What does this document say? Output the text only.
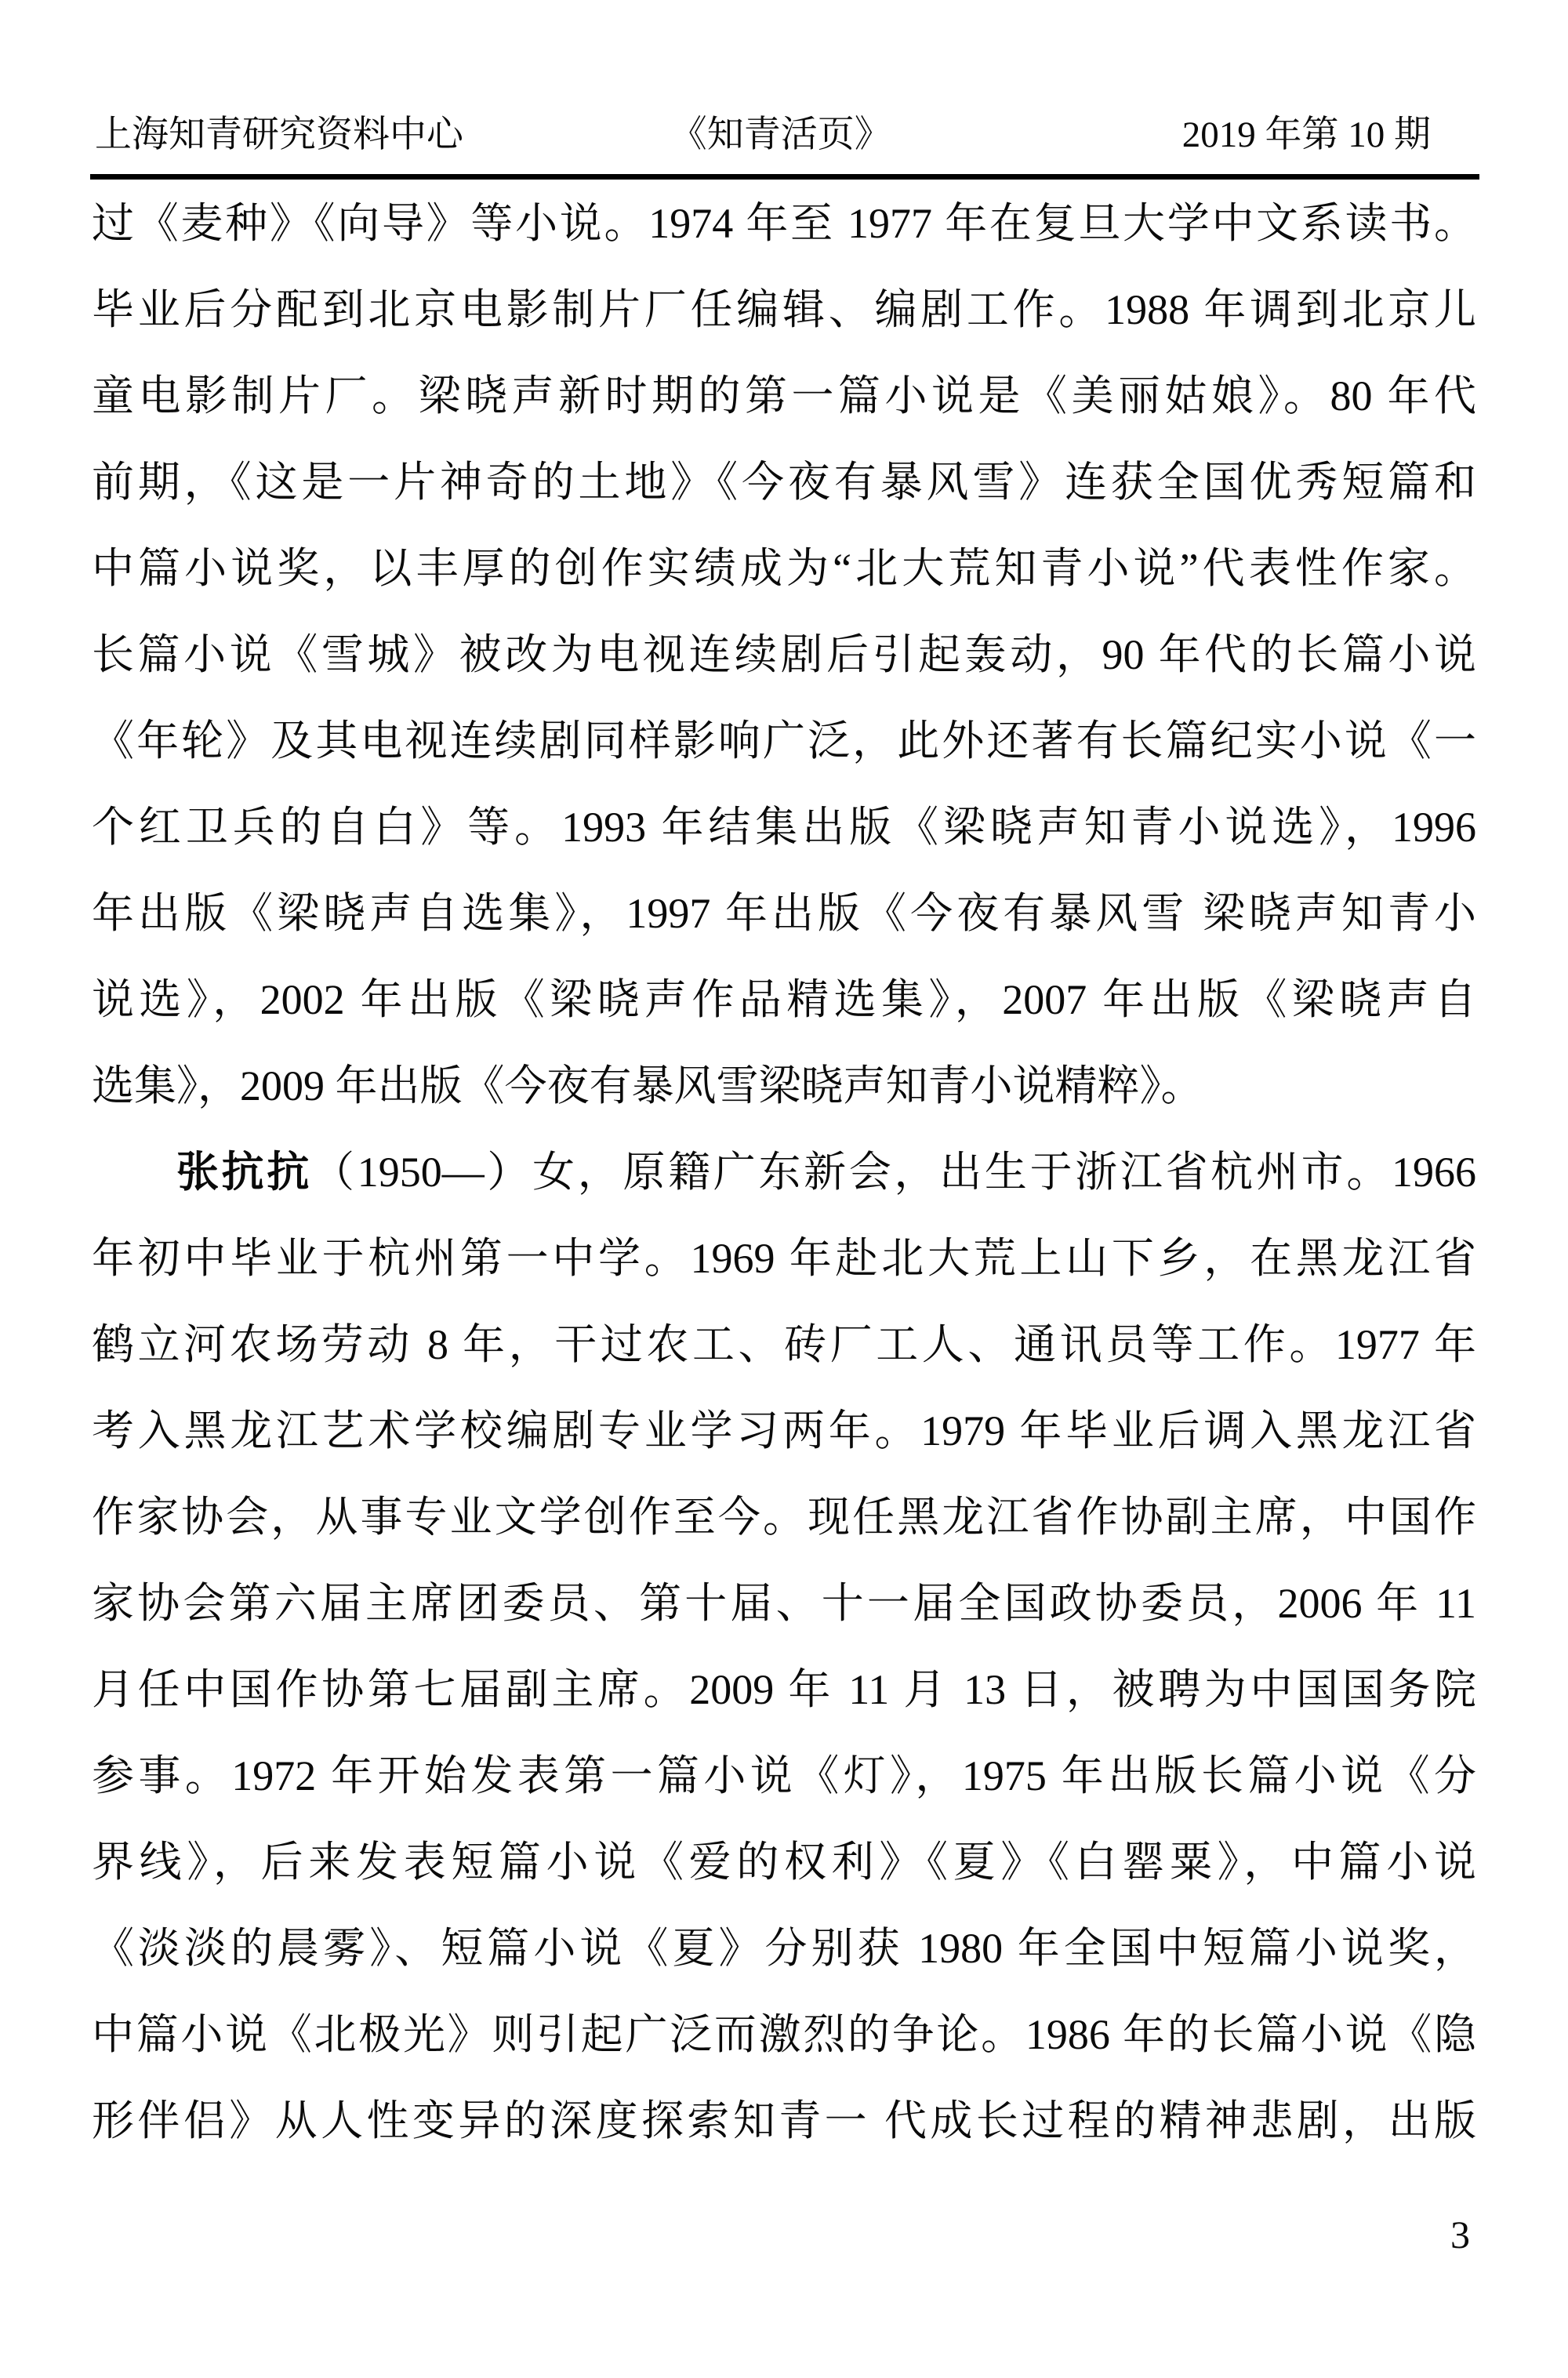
上海知青研究资料中心	《知青活页》	2019 年第 10 期
过《麦种》《向导》等小说。1974 年至 1977 年在复旦大学中文系读书。
毕业后分配到北京电影制片厂任编辑、编剧工作。1988 年调到北京儿
童电影制片厂。梁晓声新时期的第一篇小说是《美丽姑娘》。80 年代
前期，《这是一片神奇的土地》《今夜有暴风雪》连获全国优秀短篇和
中篇小说奖，以丰厚的创作实绩成为“北大荒知青小说”代表性作家。
长篇小说《雪城》被改为电视连续剧后引起轰动，90 年代的长篇小说
《年轮》及其电视连续剧同样影响广泛，此外还著有长篇纪实小说《一
个红卫兵的自白》等。1993 年结集出版《梁晓声知青小说选》，1996
年出版《梁晓声自选集》，1997 年出版《今夜有暴风雪 梁晓声知青小
说选》，2002 年出版《梁晓声作品精选集》，2007 年出版《梁晓声自
选集》，2009 年出版《今夜有暴风雪梁晓声知青小说精粹》。
张抗抗（1950—）女，原籍广东新会，出生于浙江省杭州市。1966
年初中毕业于杭州第一中学。1969 年赴北大荒上山下乡，在黑龙江省
鹤立河农场劳动 8 年，干过农工、砖厂工人、通讯员等工作。1977 年
考入黑龙江艺术学校编剧专业学习两年。1979 年毕业后调入黑龙江省
作家协会，从事专业文学创作至今。现任黑龙江省作协副主席，中国作
家协会第六届主席团委员、第十届、十一届全国政协委员，2006 年 11
月任中国作协第七届副主席。2009 年 11 月 13 日，被聘为中国国务院
参事。1972 年开始发表第一篇小说《灯》，1975 年出版长篇小说《分
界线》，后来发表短篇小说《爱的权利》《夏》《白罂粟》，中篇小说
《淡淡的晨雾》、短篇小说《夏》分别获 1980 年全国中短篇小说奖，
中篇小说《北极光》则引起广泛而激烈的争论。1986 年的长篇小说《隐
形伴侣》从人性变异的深度探索知青一 代成长过程的精神悲剧，出版
3
